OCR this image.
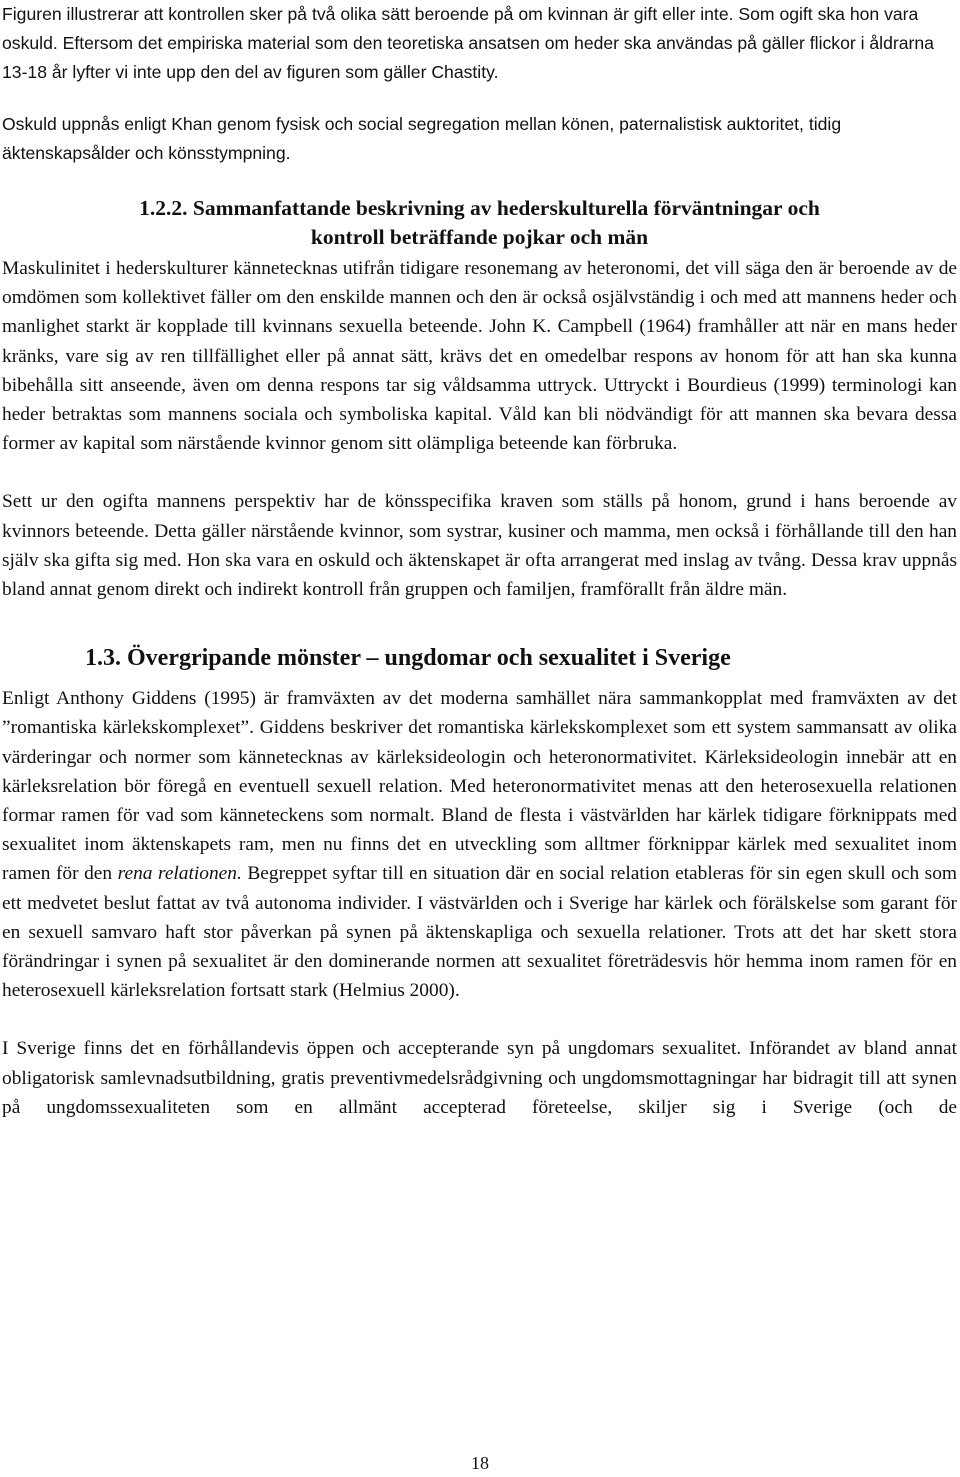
Figuren illustrerar att kontrollen sker på två olika sätt beroende på om kvinnan är gift eller inte. Som ogift ska hon vara oskuld. Eftersom det empiriska material som den teoretiska ansatsen om heder ska användas på gäller flickor i åldrarna 13-18 år lyfter vi inte upp den del av figuren som gäller Chastity.

Oskuld uppnås enligt Khan genom fysisk och social segregation mellan könen, paternalistisk auktoritet, tidig äktenskapsålder och könsstympning.

1.2.2. Sammanfattande beskrivning av hederskulturella förväntningar och
kontroll beträffande pojkar och män

Maskulinitet i hederskulturer kännetecknas utifrån tidigare resonemang av heteronomi, det vill säga den är beroende av de omdömen som kollektivet fäller om den enskilde mannen och den är också osjälvständig i och med att mannens heder och manlighet starkt är kopplade till kvinnans sexuella beteende. John K. Campbell (1964) framhåller att när en mans heder kränks, vare sig av ren tillfällighet eller på annat sätt, krävs det en omedelbar respons av honom för att han ska kunna bibehålla sitt anseende, även om denna respons tar sig våldsamma uttryck. Uttryckt i Bourdieus (1999) terminologi kan heder betraktas som mannens sociala och symboliska kapital. Våld kan bli nödvändigt för att mannen ska bevara dessa former av kapital som närstående kvinnor genom sitt olämpliga beteende kan förbruka.

Sett ur den ogifta mannens perspektiv har de könsspecifika kraven som ställs på honom, grund i hans beroende av kvinnors beteende. Detta gäller närstående kvinnor, som systrar, kusiner och mamma, men också i förhållande till den han själv ska gifta sig med. Hon ska vara en oskuld och äktenskapet är ofta arrangerat med inslag av tvång. Dessa krav uppnås bland annat genom direkt och indirekt kontroll från gruppen och familjen, framförallt från äldre män.

1.3. Övergripande mönster – ungdomar och sexualitet i Sverige

Enligt Anthony Giddens (1995) är framväxten av det moderna samhället nära sammankopplat med framväxten av det ”romantiska kärlekskomplexet”. Giddens beskriver det romantiska kärlekskomplexet som ett system sammansatt av olika värderingar och normer som kännetecknas av kärleksideologin och heteronormativitet. Kärleksideologin innebär att en kärleksrelation bör föregå en eventuell sexuell relation. Med heteronormativitet menas att den heterosexuella relationen formar ramen för vad som känneteckens som normalt. Bland de flesta i västvärlden har kärlek tidigare förknippats med sexualitet inom äktenskapets ram, men nu finns det en utveckling som alltmer förknippar kärlek med sexualitet inom ramen för den rena relationen. Begreppet syftar till en situation där en social relation etableras för sin egen skull och som ett medvetet beslut fattat av två autonoma individer. I västvärlden och i Sverige har kärlek och förälskelse som garant för en sexuell samvaro haft stor påverkan på synen på äktenskapliga och sexuella relationer. Trots att det har skett stora förändringar i synen på sexualitet är den dominerande normen att sexualitet företrädesvis hör hemma inom ramen för en heterosexuell kärleksrelation fortsatt stark (Helmius 2000).

I Sverige finns det en förhållandevis öppen och accepterande syn på ungdomars sexualitet. Införandet av bland annat obligatorisk samlevnadsutbildning, gratis preventivmedelsrådgivning och ungdomsmottagningar har bidragit till att synen på ungdomssexualiteten som en allmänt accepterad företeelse, skiljer sig i Sverige (och de

18
